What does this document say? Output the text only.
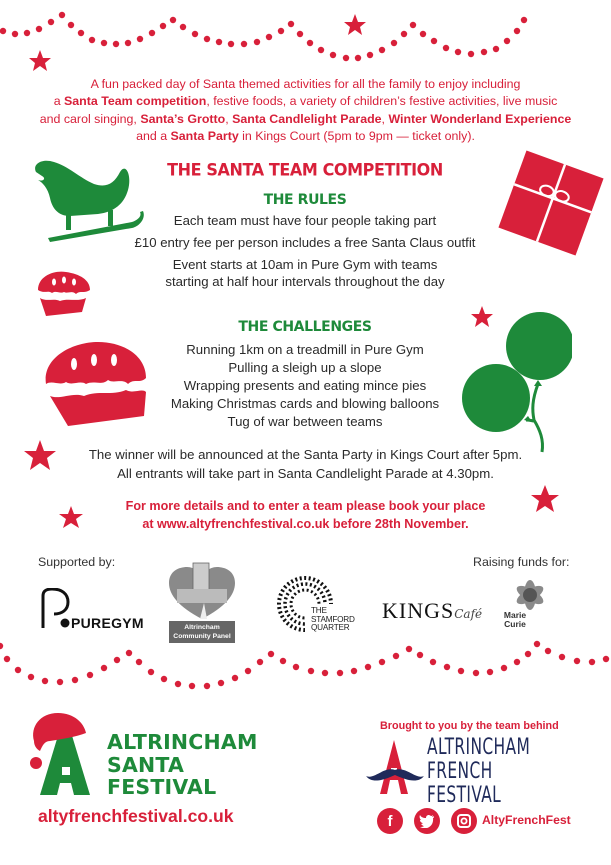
A fun packed day of Santa themed activities for all the family to enjoy including
a Santa Team competition, festive foods, a variety of children’s festive activities, live music
and carol singing, Santa’s Grotto, Santa Candlelight Parade, Winter Wonderland Experience
and a Santa Party in Kings Court (5pm to 9pm — ticket only).
THE SANTA TEAM COMPETITION
THE RULES
Each team must have four people taking part
£10 entry fee per person includes a free Santa Claus outfit
Event starts at 10am in Pure Gym with teams
starting at half hour intervals throughout the day
THE CHALLENGES
Running 1km on a treadmill in Pure Gym
Pulling a sleigh up a slope
Wrapping presents and eating mince pies
Making Christmas cards and blowing balloons
Tug of war between teams
The winner will be announced at the Santa Party in Kings Court after 5pm.
All entrants will take part in Santa Candlelight Parade at 4.30pm.
For more details and to enter a team please book your place
at www.altyfrenchfestival.co.uk before 28th November.
Supported by:	Raising funds for:
PUREGYM	Altrincham
Community Panel
THE
STAMFORD
QUARTER
KINGSCafé	Marie
Curie
ALTRINCHAM
SANTA
FESTIVAL
altyfrenchfestival.co.uk
Brought to you by the team behind
ALTRINCHAM
FRENCH FESTIVAL
f	AltyFrenchFest
